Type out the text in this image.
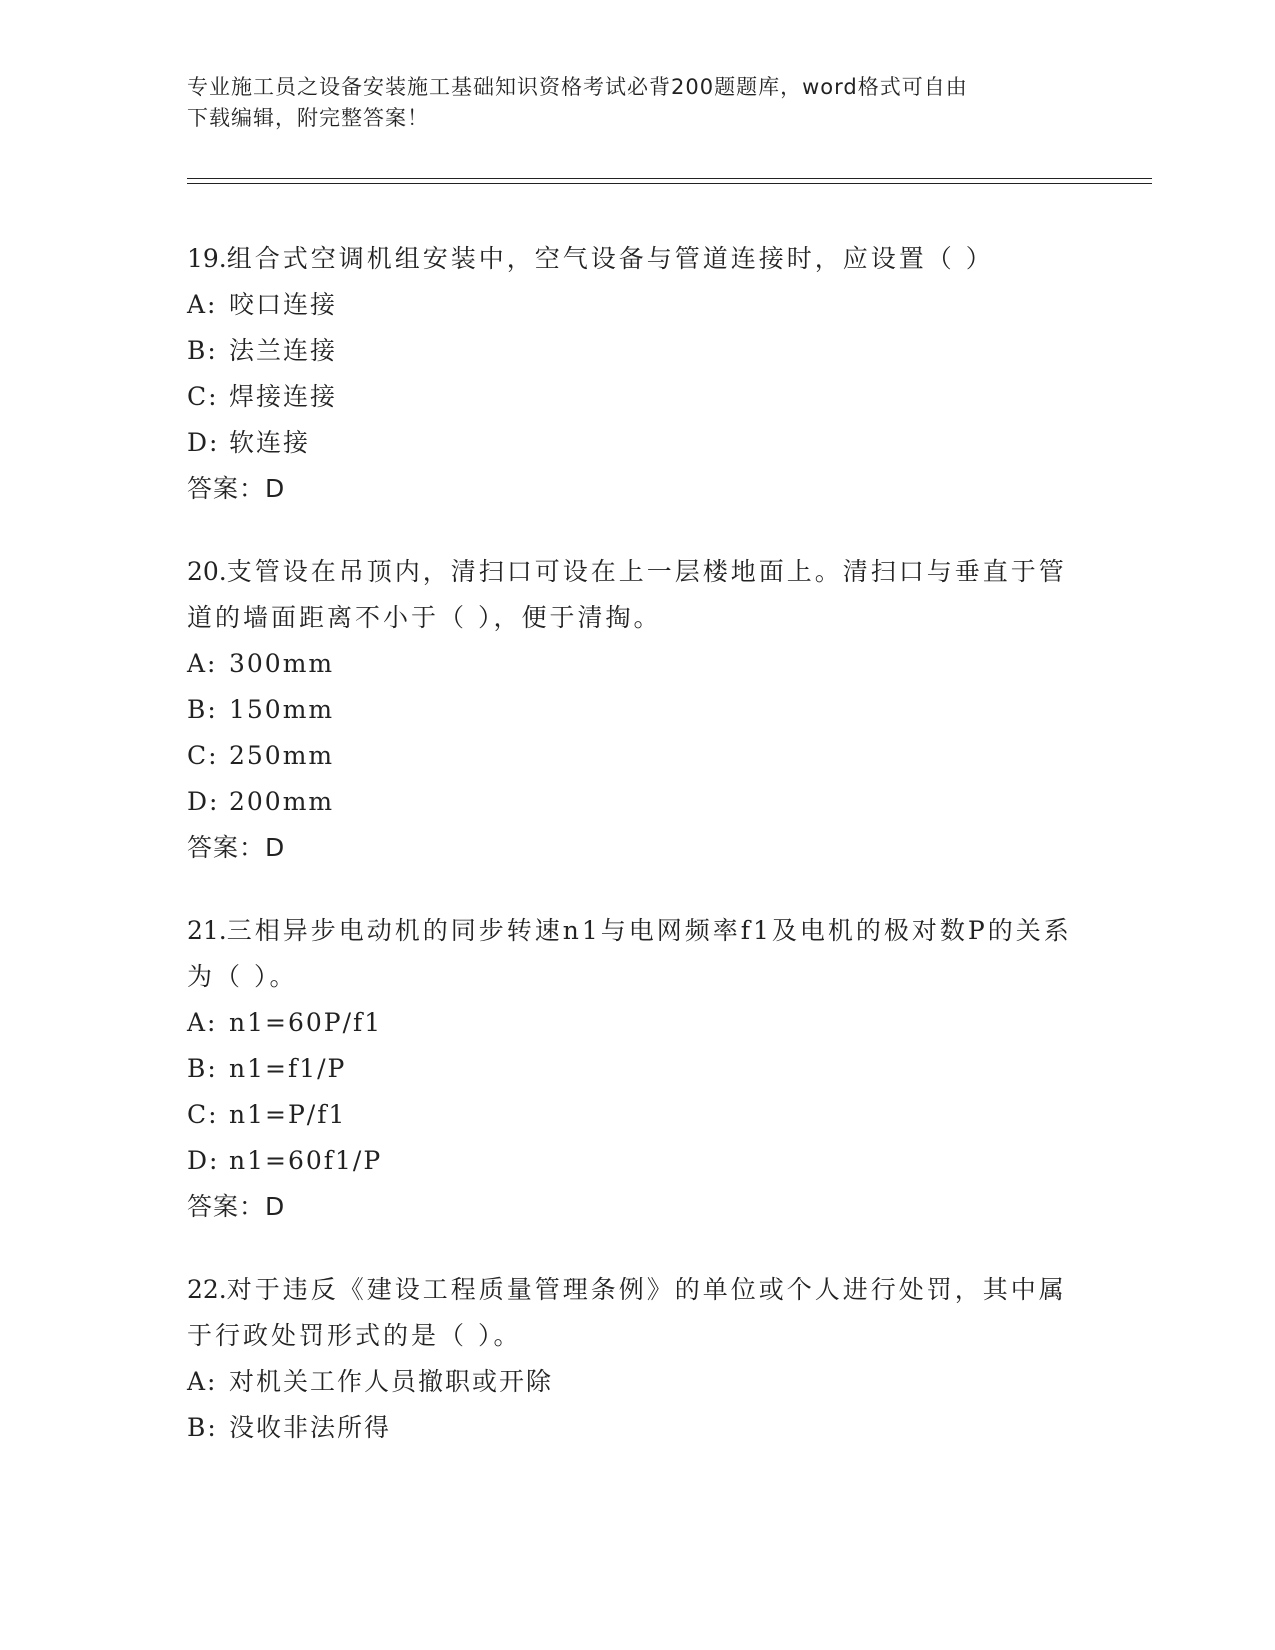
专业施工员之设备安装施工基础知识资格考试必背200题题库，word格式可自由
下载编辑，附完整答案！
19.组合式空调机组安装中，空气设备与管道连接时，应设置（ ）
A: 咬口连接
B: 法兰连接
C: 焊接连接
D: 软连接
答案：D
20.支管设在吊顶内，清扫口可设在上一层楼地面上。清扫口与垂直于管道的墙面距离不小于（ ），便于清掏。
A: 300mm
B: 150mm
C: 250mm
D: 200mm
答案：D
21.三相异步电动机的同步转速n1与电网频率f1及电机的极对数P的关系为（ ）。
A: n1=60P/f1
B: n1=f1/P
C: n1=P/f1
D: n1=60f1/P
答案：D
22.对于违反《建设工程质量管理条例》的单位或个人进行处罚，其中属于行政处罚形式的是（ ）。
A: 对机关工作人员撤职或开除
B: 没收非法所得
